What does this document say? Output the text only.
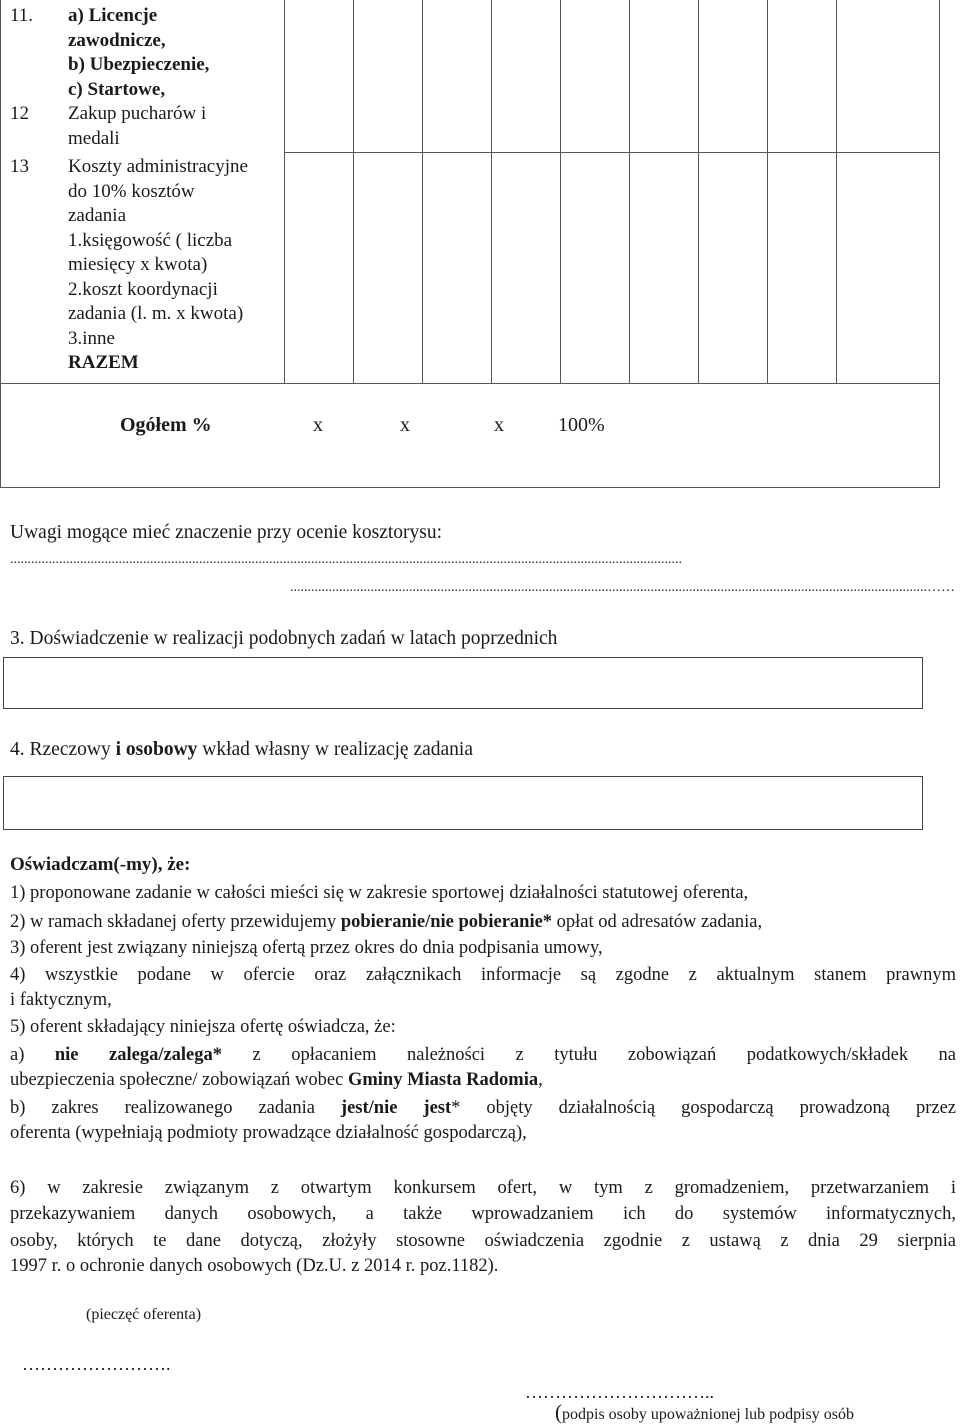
11. a) Licencje
zawodnicze,
b) Ubezpieczenie,
c) Startowe,
12 Zakup pucharów i
medali
13 Koszty administracyjne
do 10% kosztów
zadania
1.księgowość ( liczba
miesięcy x kwota)
2.koszt koordynacji
zadania (l. m. x kwota)
3.inne
RAZEM
Ogółem %	x	x	x	100%
Uwagi mogące mieć znaczenie przy ocenie kosztorysu:
................................................................................................................................................................................................
......................................................................................................................................................................................……
3. Doświadczenie w realizacji podobnych zadań w latach poprzednich
4. Rzeczowy i osobowy wkład własny w realizację zadania
Oświadczam(-my), że:
1) proponowane zadanie w całości mieści się w zakresie sportowej działalności statutowej oferenta,
2) w ramach składanej oferty przewidujemy pobieranie/nie pobieranie* opłat od adresatów zadania,
3) oferent jest związany niniejszą ofertą przez okres do dnia podpisania umowy,
4) wszystkie podane w ofercie oraz załącznikach informacje są zgodne z aktualnym stanem prawnym
i faktycznym,
5) oferent składający niniejsza ofertę oświadcza, że:
a) nie zalega/zalega* z opłacaniem należności z tytułu zobowiązań podatkowych/składek na
ubezpieczenia społeczne/ zobowiązań wobec Gminy Miasta Radomia,
b) zakres realizowanego zadania jest/nie jest* objęty działalnością gospodarczą prowadzoną przez
oferenta (wypełniają podmioty prowadzące działalność gospodarczą),
6) w zakresie związanym z otwartym konkursem ofert, w tym z gromadzeniem, przetwarzaniem i
przekazywaniem danych osobowych, a także wprowadzaniem ich do systemów informatycznych,
osoby, których te dane dotyczą, złożyły stosowne oświadczenia zgodnie z ustawą z dnia 29 sierpnia
1997 r. o ochronie danych osobowych (Dz.U. z 2014 r. poz.1182).
(pieczęć oferenta)
…………………….
…………………………..
(podpis osoby upoważnionej lub podpisy osób
